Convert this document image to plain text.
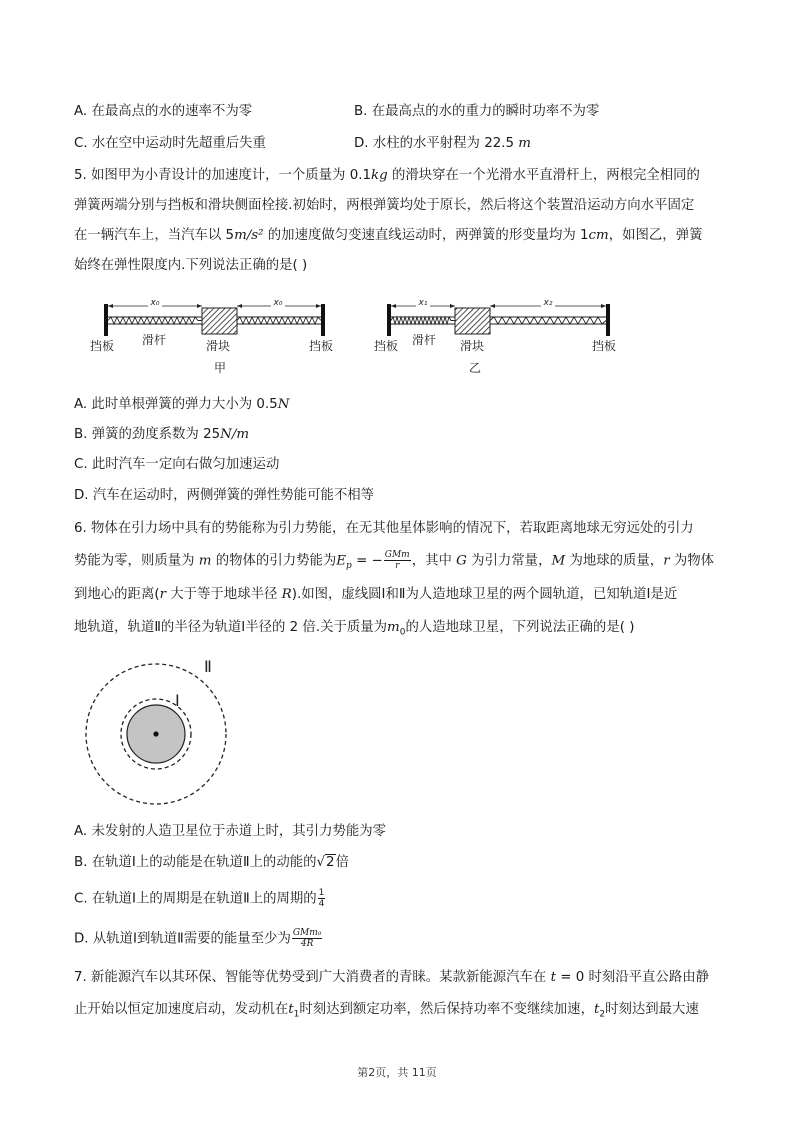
A. 在最高点的水的速率不为零	B. 在最高点的水的重力的瞬时功率不为零
C. 水在空中运动时先超重后失重	D. 水柱的水平射程为 22.5 m
5. 如图甲为小青设计的加速度计，一个质量为 0.1kg 的滑块穿在一个光滑水平直滑杆上，两根完全相同的
弹簧两端分别与挡板和滑块侧面栓接.初始时，两根弹簧均处于原长，然后将这个装置沿运动方向水平固定
在一辆汽车上，当汽车以 5m/s² 的加速度做匀变速直线运动时，两弹簧的形变量均为 1cm，如图乙，弹簧
始终在弹性限度内.下列说法正确的是( )
x₀	x₀
挡板 滑杆	滑块	挡板
甲
x₁	x₂
挡板 滑杆 滑块	挡板
乙
A. 此时单根弹簧的弹力大小为 0.5N
B. 弹簧的劲度系数为 25N/m
C. 此时汽车一定向右做匀加速运动
D. 汽车在运动时，两侧弹簧的弹性势能可能不相等
6. 物体在引力场中具有的势能称为引力势能，在无其他星体影响的情况下，若取距离地球无穷远处的引力
势能为零，则质量为 m 的物体的引力势能为$E_p$ = − $\frac{\text{GMm}}{r}$ ，其中 G 为引力常量，M 为地球的质量，r 为物体
到地心的距离(r 大于等于地球半径 R).如图，虚线圆Ⅰ和Ⅱ为人造地球卫星的两个圆轨道，已知轨道Ⅰ是近
地轨道，轨道Ⅱ的半径为轨道Ⅰ半径的 2 倍.关于质量为$m_0$的人造地球卫星，下列说法正确的是( )
Ⅱ
Ⅰ
A. 未发射的人造卫星位于赤道上时，其引力势能为零
B. 在轨道Ⅰ上的动能是在轨道Ⅱ上的动能的√2倍
C. 在轨道Ⅰ上的周期是在轨道Ⅱ上的周期的 $\frac{1}{4}$
D. 从轨道Ⅰ到轨道Ⅱ需要的能量至少为 $\frac{\text{GMm₀}}{4R}$
7. 新能源汽车以其环保、智能等优势受到广大消费者的青睐。某款新能源汽车在 t = 0 时刻沿平直公路由静
止开始以恒定加速度启动，发动机在$t_1$时刻达到额定功率，然后保持功率不变继续加速，$t_2$时刻达到最大速
第2页，共 11页
